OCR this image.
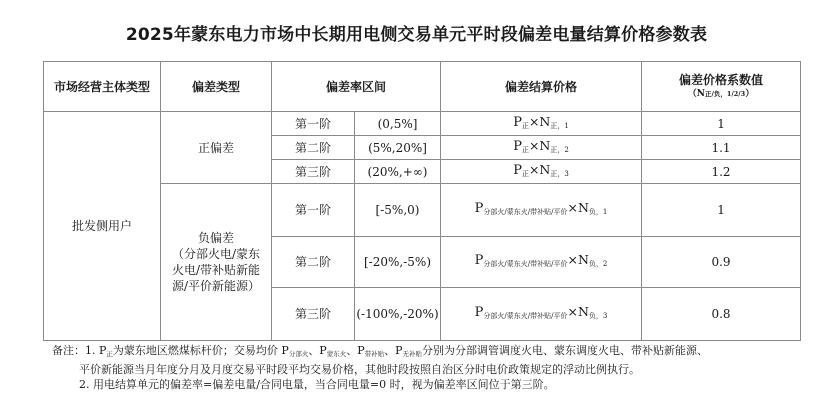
2025年蒙东电力市场中长期用电侧交易单元平时段偏差电量结算价格参数表
市场经营主体类型	偏差类型	偏差率区间		偏差结算价格	偏差价格系数值
（N正/负，1/2/3）

批发侧用户	正偏差	第一阶	(0,5%]	P正×N正，1	1
		第二阶	(5%,20%]	P正×N正，2	1.1
		第三阶	(20%,+∞)	P正×N正，3	1.2

	负偏差
（分部火电/蒙东
火电/带补贴新能
源/平价新能源）	第一阶	[-5%,0)	P分部火/蒙东火/带补贴/平价×N负，1	1
		第二阶	[-20%,-5%)	P分部火/蒙东火/带补贴/平价×N负，2	0.9
		第三阶	(-100%,-20%)	P分部火/蒙东火/带补贴/平价×N负，3	0.8
备注：1. $P_正$为蒙东地区燃煤标杆价；交易均价 $P_{分部火}$、$P_{蒙东火}$、$P_{带补贴}$、$P_{无补贴}$分别为分部调管调度火电、蒙东调度火电、带补贴新能源、
平价新能源当月年度分月及月度交易平时段平均交易价格，其他时段按照自治区分时电价政策规定的浮动比例执行。
2. 用电结算单元的偏差率=偏差电量/合同电量，当合同电量=0 时，视为偏差率区间位于第三阶。
